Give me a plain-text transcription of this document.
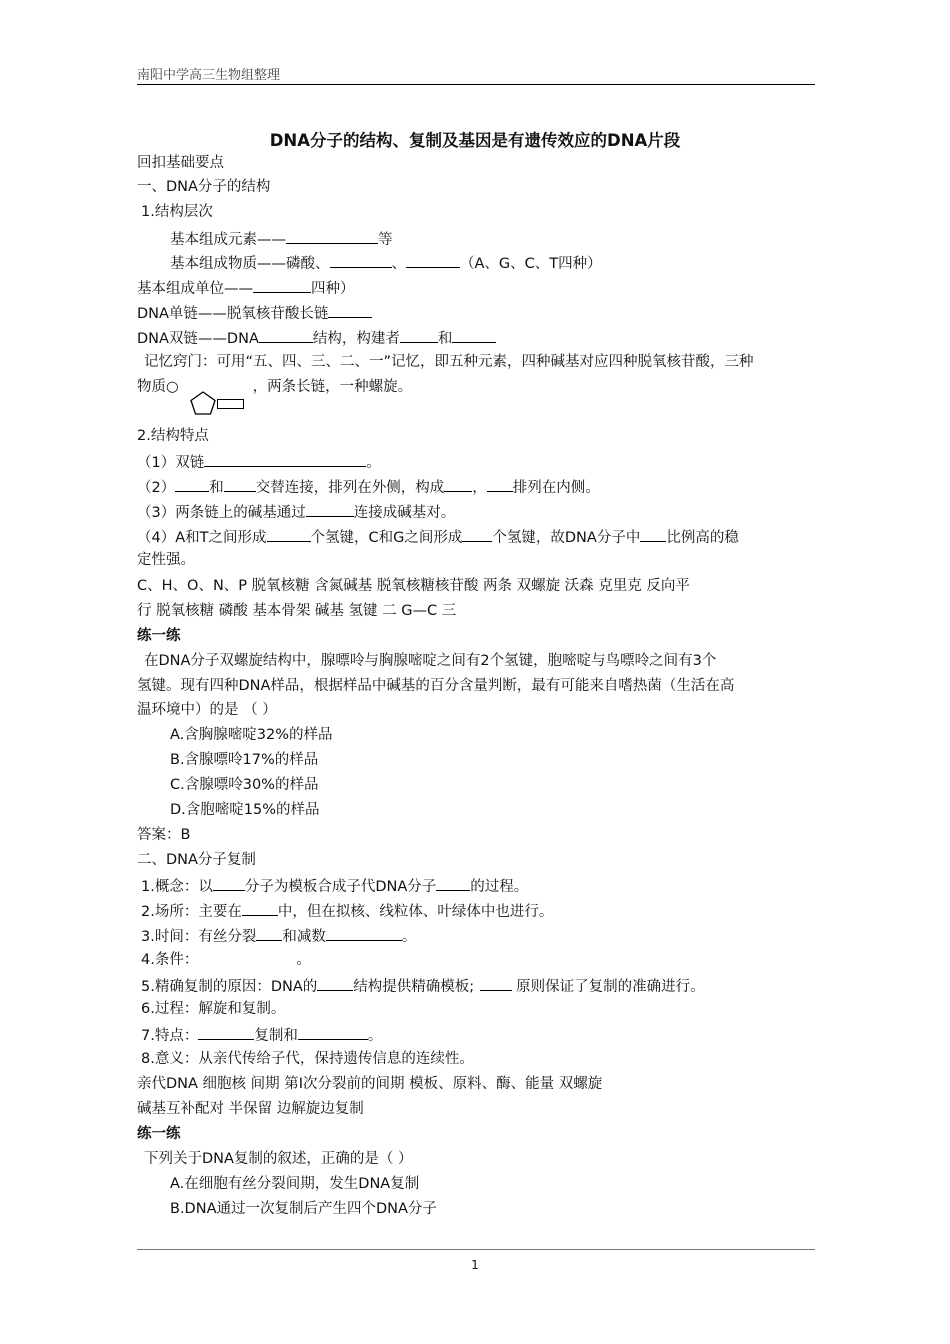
南阳中学高三生物组整理
DNA分子的结构、复制及基因是有遗传效应的DNA片段
回扣基础要点
一、DNA分子的结构
1.结构层次
基本组成元素——	等
基本组成物质——磷酸、	、	（A、G、C、T四种）
基本组成单位——	四种）
DNA单链——脱氧核苷酸长链
DNA双链——DNA	结构，构建者	和
记忆窍门：可用“五、四、三、二、一”记忆，即五种元素，四种碱基对应四种脱氧核苷酸，三种
物质○	，两条长链，一种螺旋。
2.结构特点
（1）双链	。
（2） 和 交替连接，排列在外侧，构成 ， 排列在内侧。
（3）两条链上的碱基通过	连接成碱基对。
（4）A和T之间形成	个氢键，C和G之间形成 个氢键，故DNA分子中 比例高的稳
定性强。
C、H、O、N、P 脱氧核糖 含氮碱基 脱氧核糖核苷酸 两条 双螺旋 沃森 克里克 反向平
行 脱氧核糖 磷酸 基本骨架 碱基 氢键 二 G—C 三
练一练
在DNA分子双螺旋结构中，腺嘌呤与胸腺嘧啶之间有2个氢键，胞嘧啶与鸟嘌呤之间有3个
氢键。现有四种DNA样品，根据样品中碱基的百分含量判断，最有可能来自嗜热菌（生活在高
温环境中）的是 （ ）
A.含胸腺嘧啶32%的样品
B.含腺嘌呤17%的样品
C.含腺嘌呤30%的样品
D.含胞嘧啶15%的样品
答案：B
二、DNA分子复制
1.概念：以 分子为模板合成子代DNA分子 的过程。
2.场所：主要在 中，但在拟核、线粒体、叶绿体中也进行。
3.时间：有丝分裂 和减数	。
4.条件：	。
5.精确复制的原因：DNA的 结构提供精确模板;	原则保证了复制的准确进行。
6.过程：解旋和复制。
7.特点：	复制和	。
8.意义：从亲代传给子代，保持遗传信息的连续性。
亲代DNA 细胞核 间期 第Ⅰ次分裂前的间期 模板、原料、酶、能量 双螺旋
碱基互补配对 半保留 边解旋边复制
练一练
下列关于DNA复制的叙述，正确的是（ ）
A.在细胞有丝分裂间期，发生DNA复制
B.DNA通过一次复制后产生四个DNA分子
1
